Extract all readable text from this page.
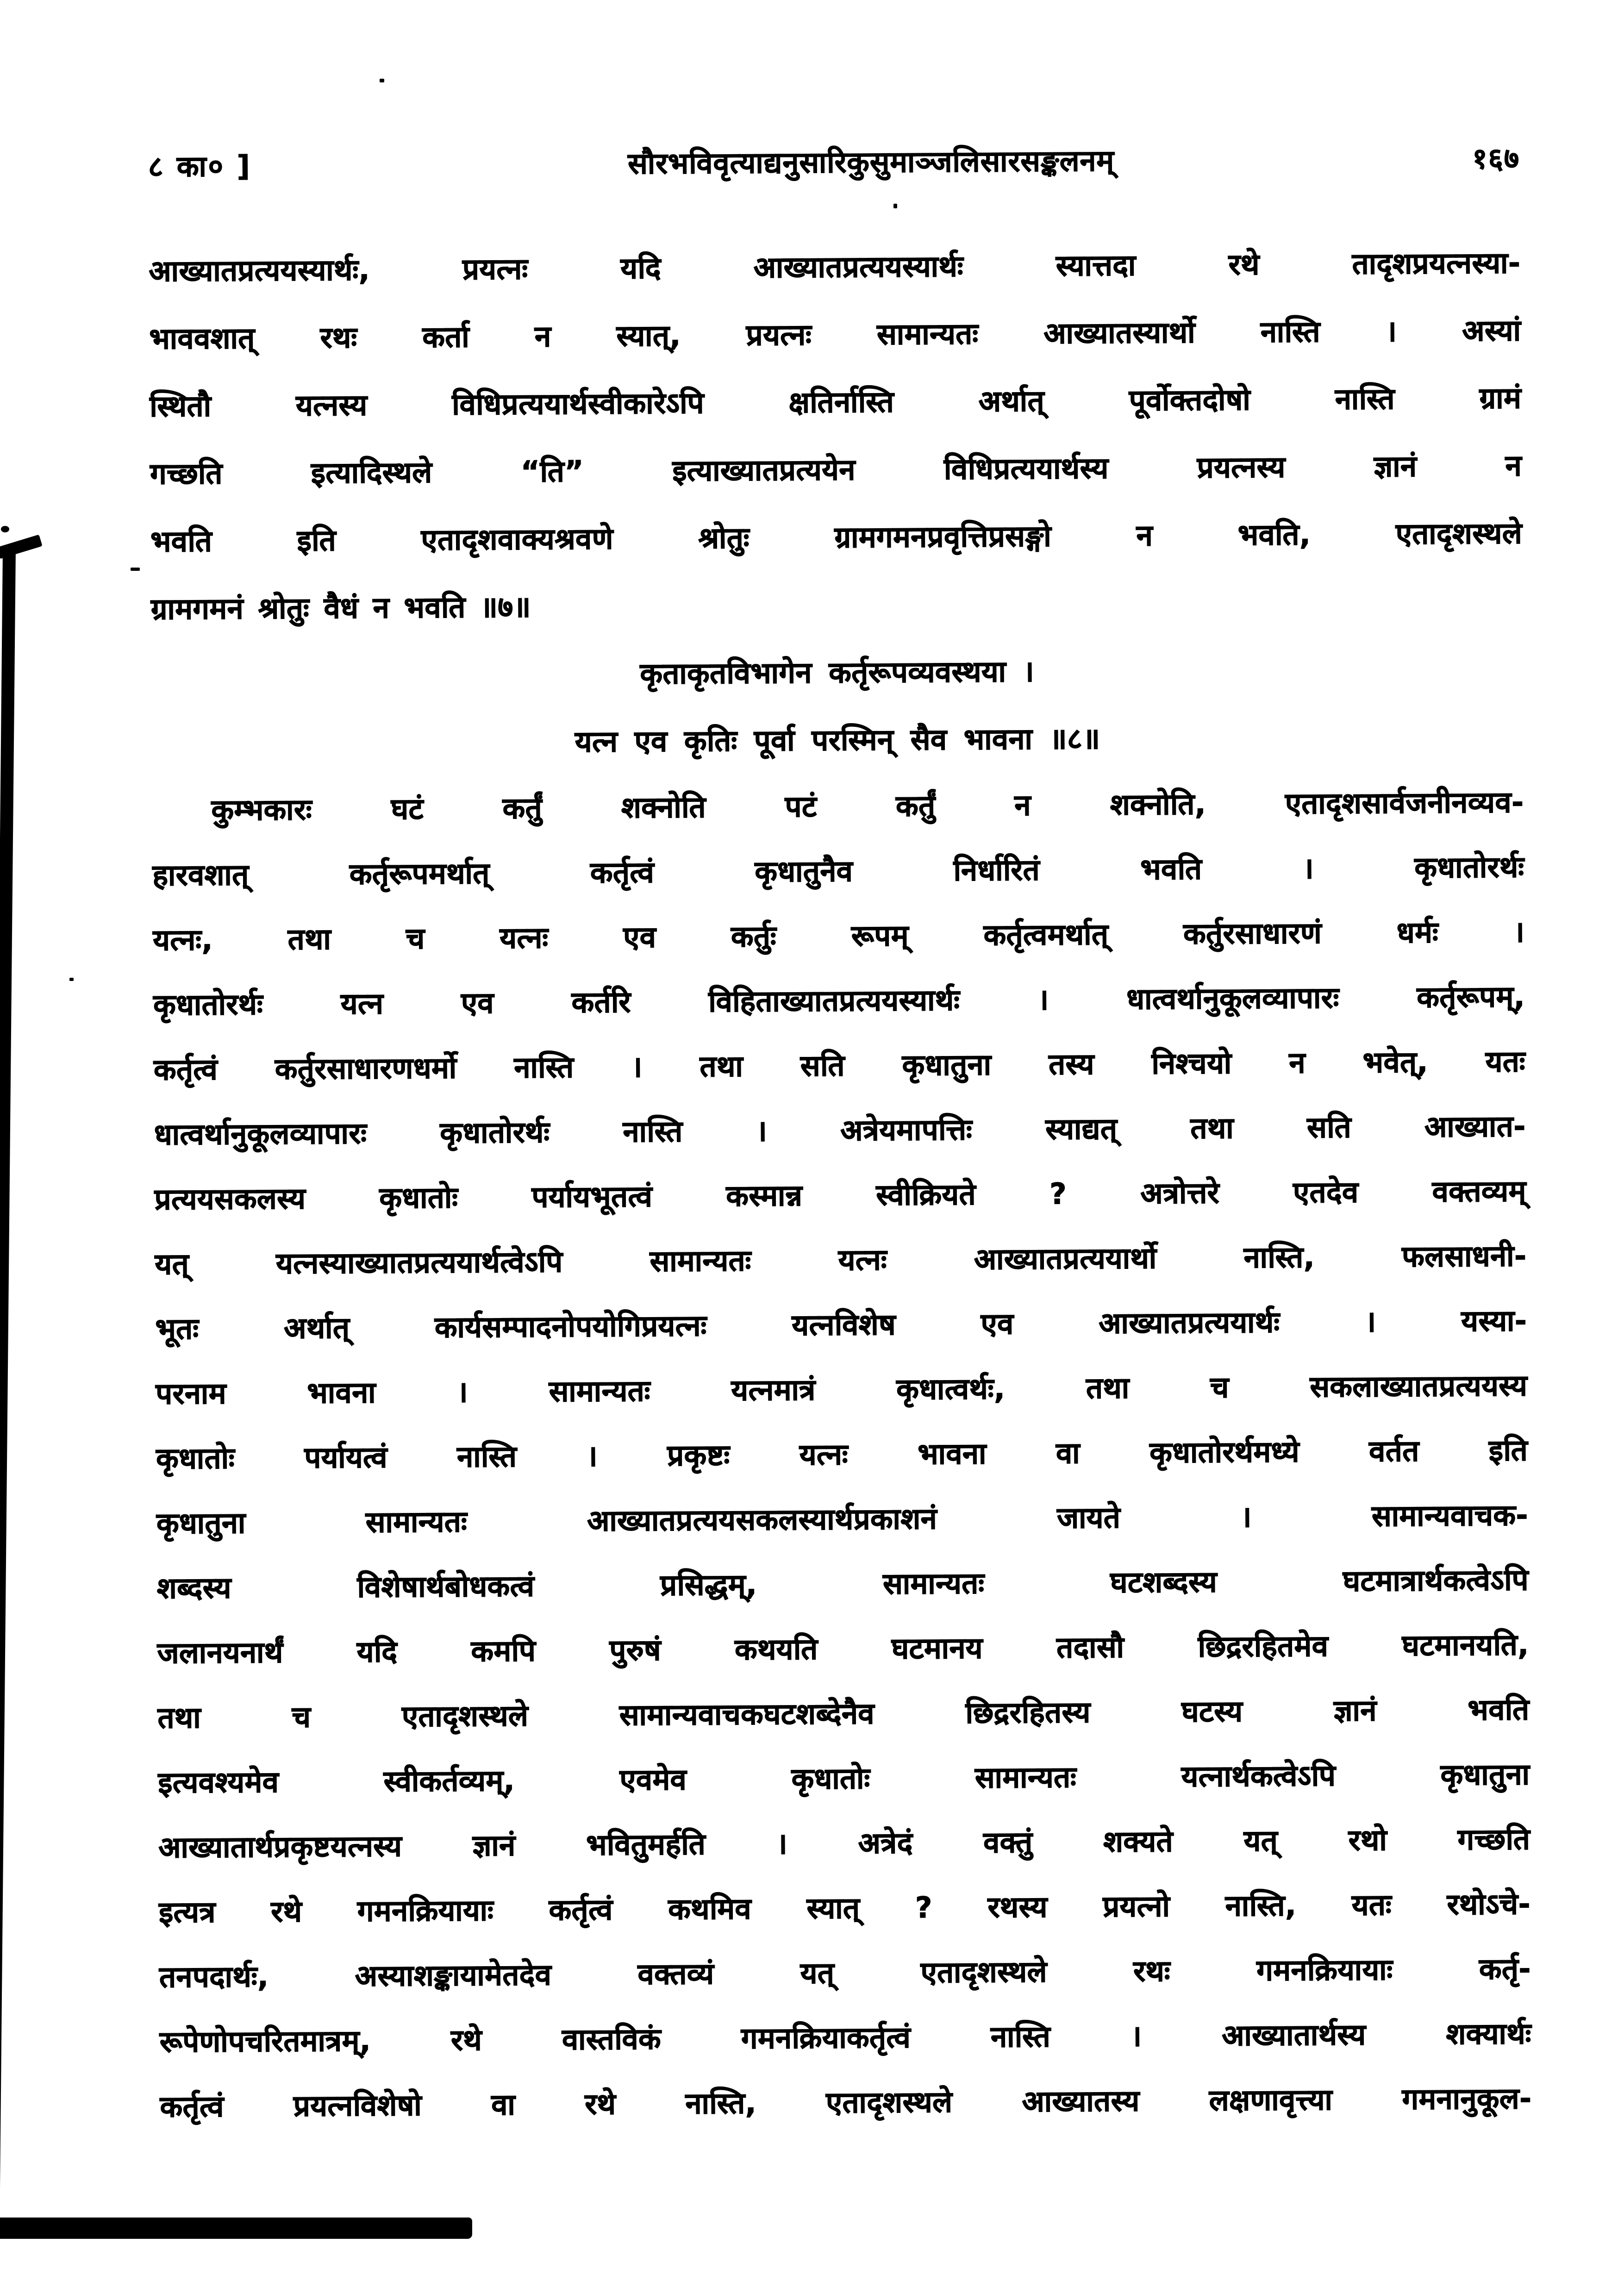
८ का० ]	सौरभविवृत्याद्यनुसारिकुसुमाञ्जलिसारसङ्कलनम्	१६७
आख्यातप्रत्ययस्यार्थः, प्रयत्नः यदि आख्यातप्रत्ययस्यार्थः स्यात्तदा रथे तादृशप्रयत्नस्या-
भाववशात् रथः कर्ता न स्यात्, प्रयत्नः सामान्यतः आख्यातस्यार्थो नास्ति । अस्यां
स्थितौ यत्नस्य विधिप्रत्ययार्थस्वीकारेऽपि क्षतिर्नास्ति अर्थात् पूर्वोक्तदोषो नास्ति ग्रामं
गच्छति इत्यादिस्थले “ति” इत्याख्यातप्रत्ययेन विधिप्रत्ययार्थस्य प्रयत्नस्य ज्ञानं न
भवति इति एतादृशवाक्यश्रवणे श्रोतुः ग्रामगमनप्रवृत्तिप्रसङ्गो न भवति, एतादृशस्थले
ग्रामगमनं श्रोतुः वैधं न भवति ॥७॥
कृताकृतविभागेन कर्तृरूपव्यवस्थया ।
यत्न एव कृतिः पूर्वा परस्मिन् सैव भावना ॥८॥
कुम्भकारः घटं कर्तुं शक्नोति पटं कर्तुं न शक्नोति, एतादृशसार्वजनीनव्यव-
हारवशात् कर्तृरूपमर्थात् कर्तृत्वं कृधातुनैव निर्धारितं भवति । कृधातोरर्थः
यत्नः, तथा च यत्नः एव कर्तुः रूपम् कर्तृत्वमर्थात् कर्तुरसाधारणं धर्मः ।
कृधातोरर्थः यत्न एव कर्तरि विहिताख्यातप्रत्ययस्यार्थः । धात्वर्थानुकूलव्यापारः कर्तृरूपम्,
कर्तृत्वं कर्तुरसाधारणधर्मो नास्ति । तथा सति कृधातुना तस्य निश्चयो न भवेत्, यतः
धात्वर्थानुकूलव्यापारः कृधातोरर्थः नास्ति । अत्रेयमापत्तिः स्याद्यत् तथा सति आख्यात-
प्रत्ययसकलस्य कृधातोः पर्यायभूतत्वं कस्मान्न स्वीक्रियते ? अत्रोत्तरे एतदेव वक्तव्यम्
यत् यत्नस्याख्यातप्रत्ययार्थत्वेऽपि सामान्यतः यत्नः आख्यातप्रत्ययार्थो नास्ति, फलसाधनी-
भूतः अर्थात् कार्यसम्पादनोपयोगिप्रयत्नः यत्नविशेष एव आख्यातप्रत्ययार्थः । यस्या-
परनाम भावना । सामान्यतः यत्नमात्रं कृधात्वर्थः, तथा च सकलाख्यातप्रत्ययस्य
कृधातोः पर्यायत्वं नास्ति । प्रकृष्टः यत्नः भावना वा कृधातोरर्थमध्ये वर्तत इति
कृधातुना सामान्यतः आख्यातप्रत्ययसकलस्यार्थप्रकाशनं जायते । सामान्यवाचक-
शब्दस्य विशेषार्थबोधकत्वं प्रसिद्धम्, सामान्यतः घटशब्दस्य घटमात्रार्थकत्वेऽपि
जलानयनार्थं यदि कमपि पुरुषं कथयति घटमानय तदासौ छिद्ररहितमेव घटमानयति,
तथा च एतादृशस्थले सामान्यवाचकघटशब्देनैव छिद्ररहितस्य घटस्य ज्ञानं भवति
इत्यवश्यमेव स्वीकर्तव्यम्, एवमेव कृधातोः सामान्यतः यत्नार्थकत्वेऽपि कृधातुना
आख्यातार्थप्रकृष्टयत्नस्य ज्ञानं भवितुमर्हति । अत्रेदं वक्तुं शक्यते यत् रथो गच्छति
इत्यत्र रथे गमनक्रियायाः कर्तृत्वं कथमिव स्यात् ? रथस्य प्रयत्नो नास्ति, यतः रथोऽचे-
तनपदार्थः, अस्याशङ्कायामेतदेव वक्तव्यं यत् एतादृशस्थले रथः गमनक्रियायाः कर्तृ-
रूपेणोपचरितमात्रम्, रथे वास्तविकं गमनक्रियाकर्तृत्वं नास्ति । आख्यातार्थस्य शक्यार्थः
कर्तृत्वं प्रयत्नविशेषो वा रथे नास्ति, एतादृशस्थले आख्यातस्य लक्षणावृत्त्या गमनानुकूल-
